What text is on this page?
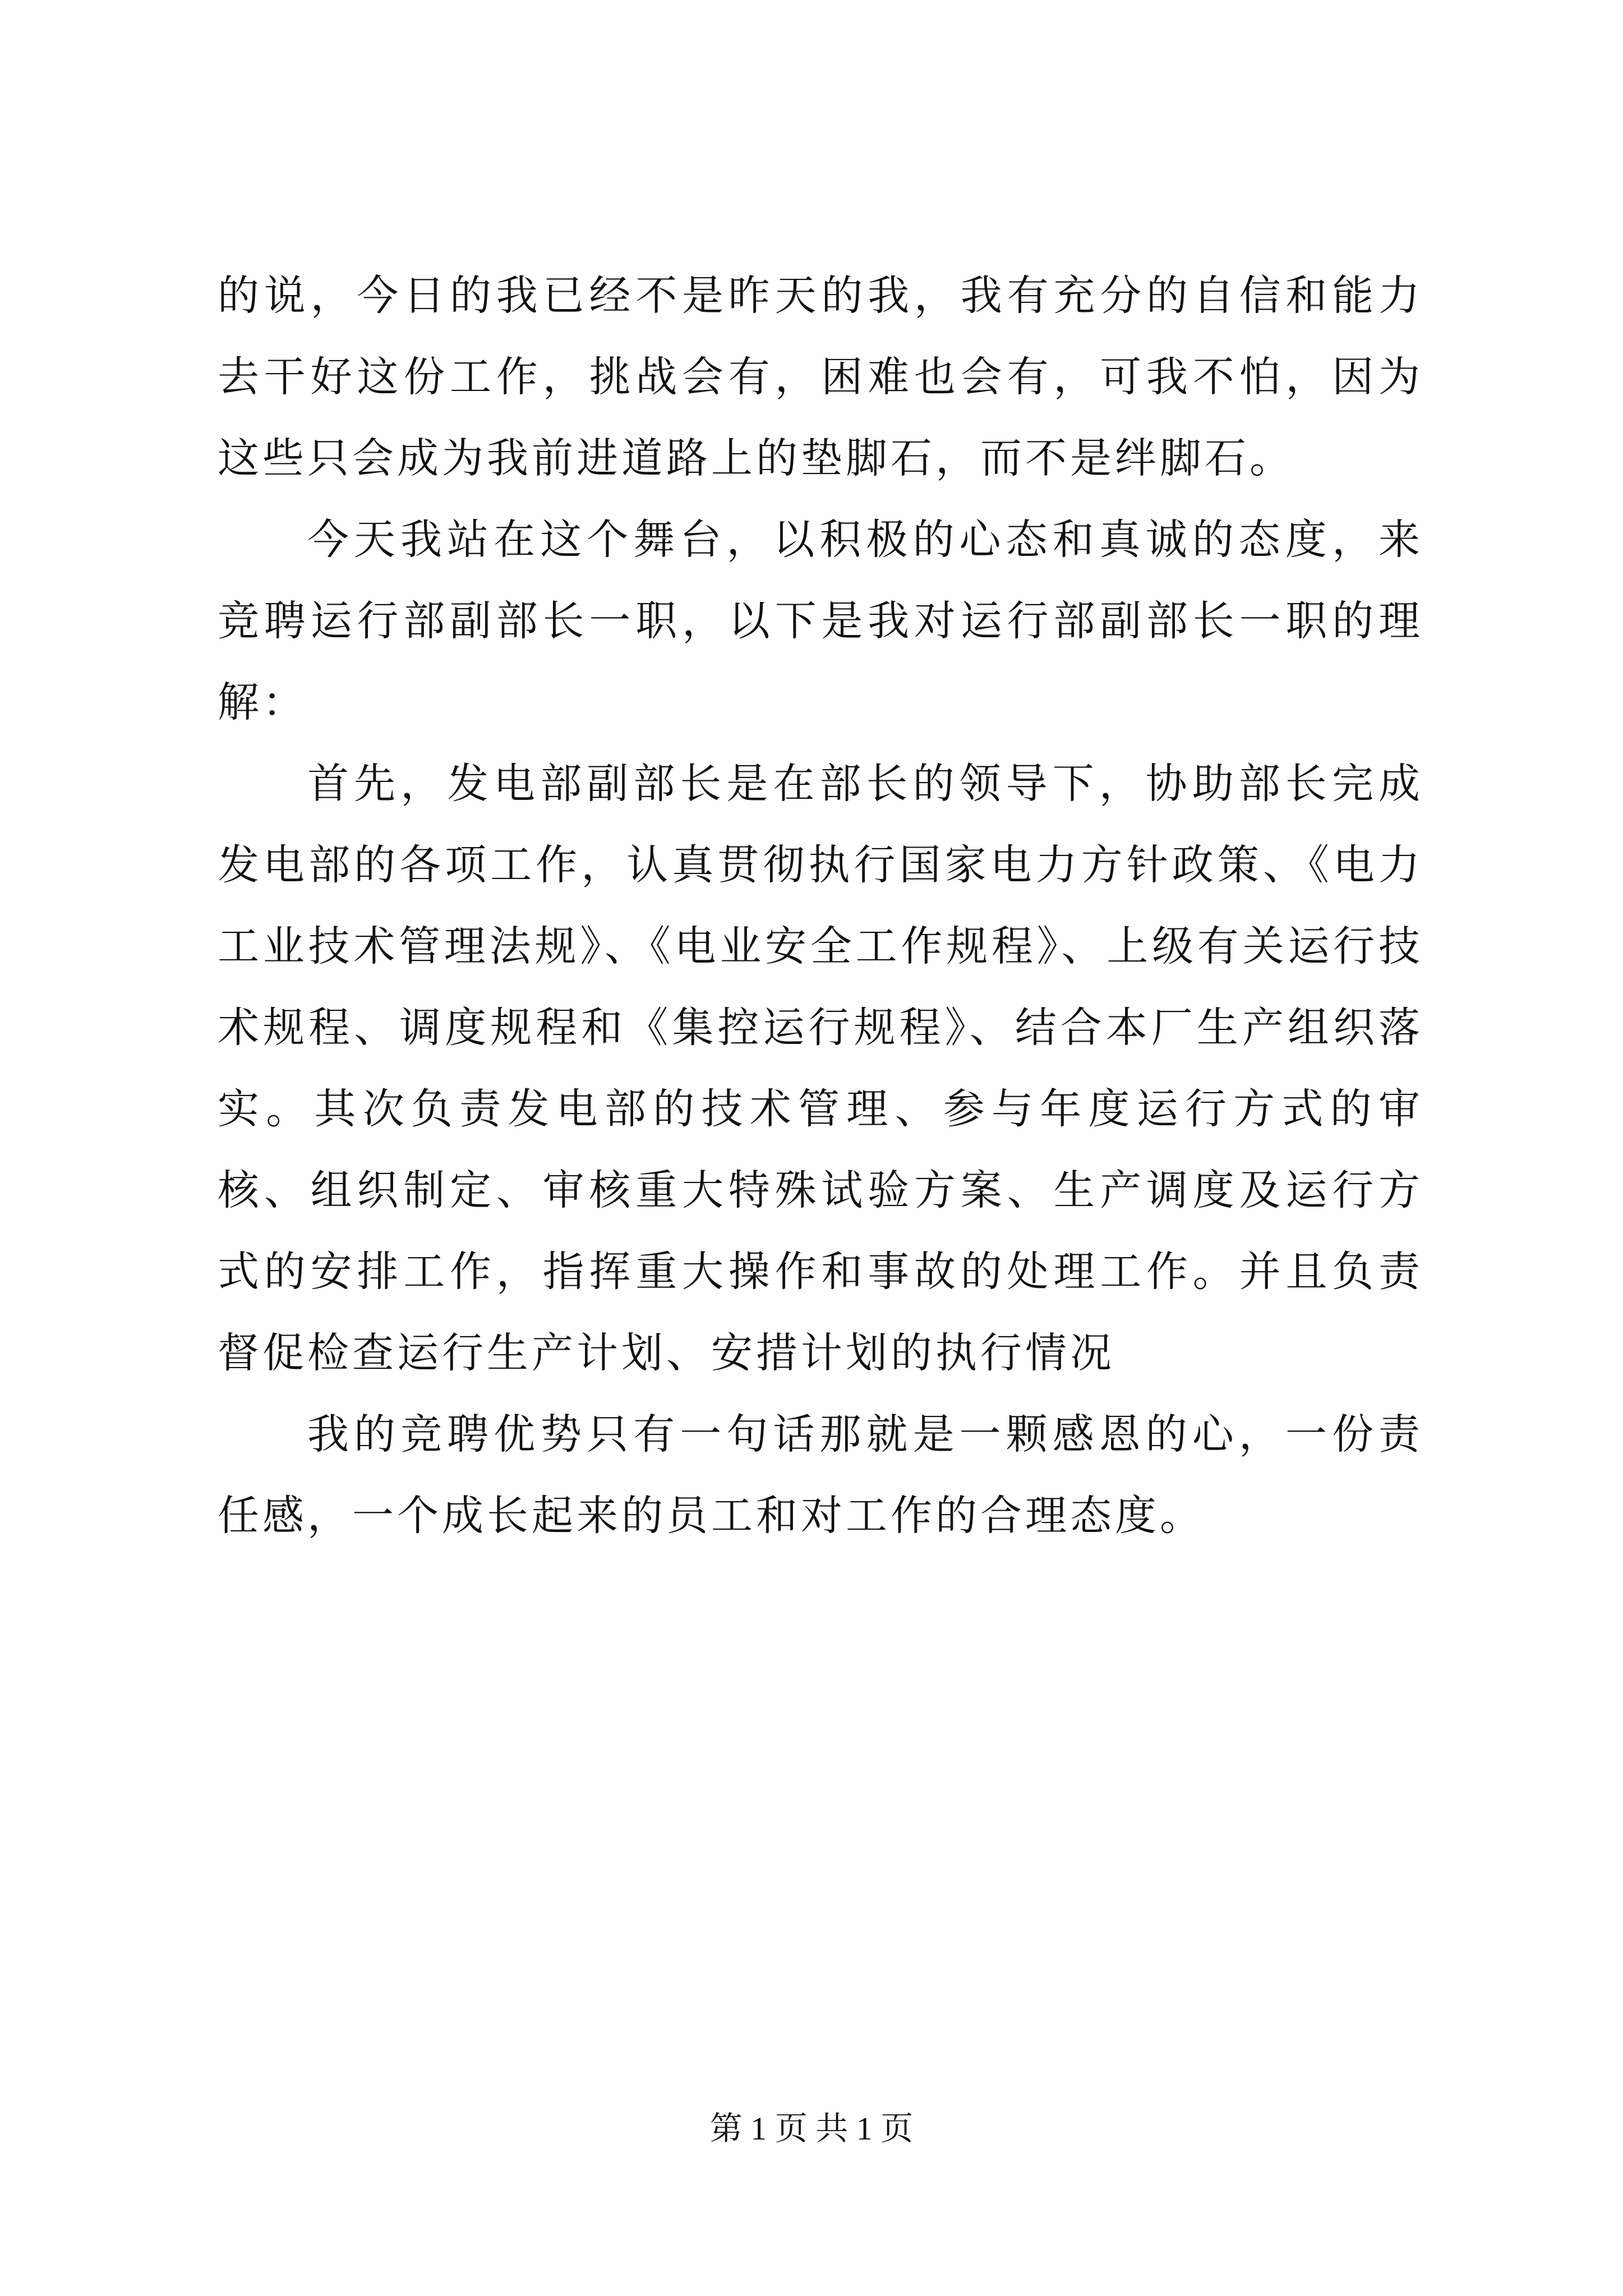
的说，今日的我已经不是昨天的我，我有充分的自信和能力去干好这份工作，挑战会有，困难也会有，可我不怕，因为这些只会成为我前进道路上的垫脚石，而不是绊脚石。

今天我站在这个舞台，以积极的心态和真诚的态度，来竞聘运行部副部长一职，以下是我对运行部副部长一职的理解：

首先，发电部副部长是在部长的领导下，协助部长完成发电部的各项工作，认真贯彻执行国家电力方针政策、《电力工业技术管理法规》、《电业安全工作规程》、上级有关运行技术规程、调度规程和《集控运行规程》、结合本厂生产组织落实。其次负责发电部的技术管理、参与年度运行方式的审核、组织制定、审核重大特殊试验方案、生产调度及运行方式的安排工作，指挥重大操作和事故的处理工作。并且负责督促检查运行生产计划、安措计划的执行情况

我的竞聘优势只有一句话那就是一颗感恩的心，一份责任感，一个成长起来的员工和对工作的合理态度。

第 1 页 共 1 页
